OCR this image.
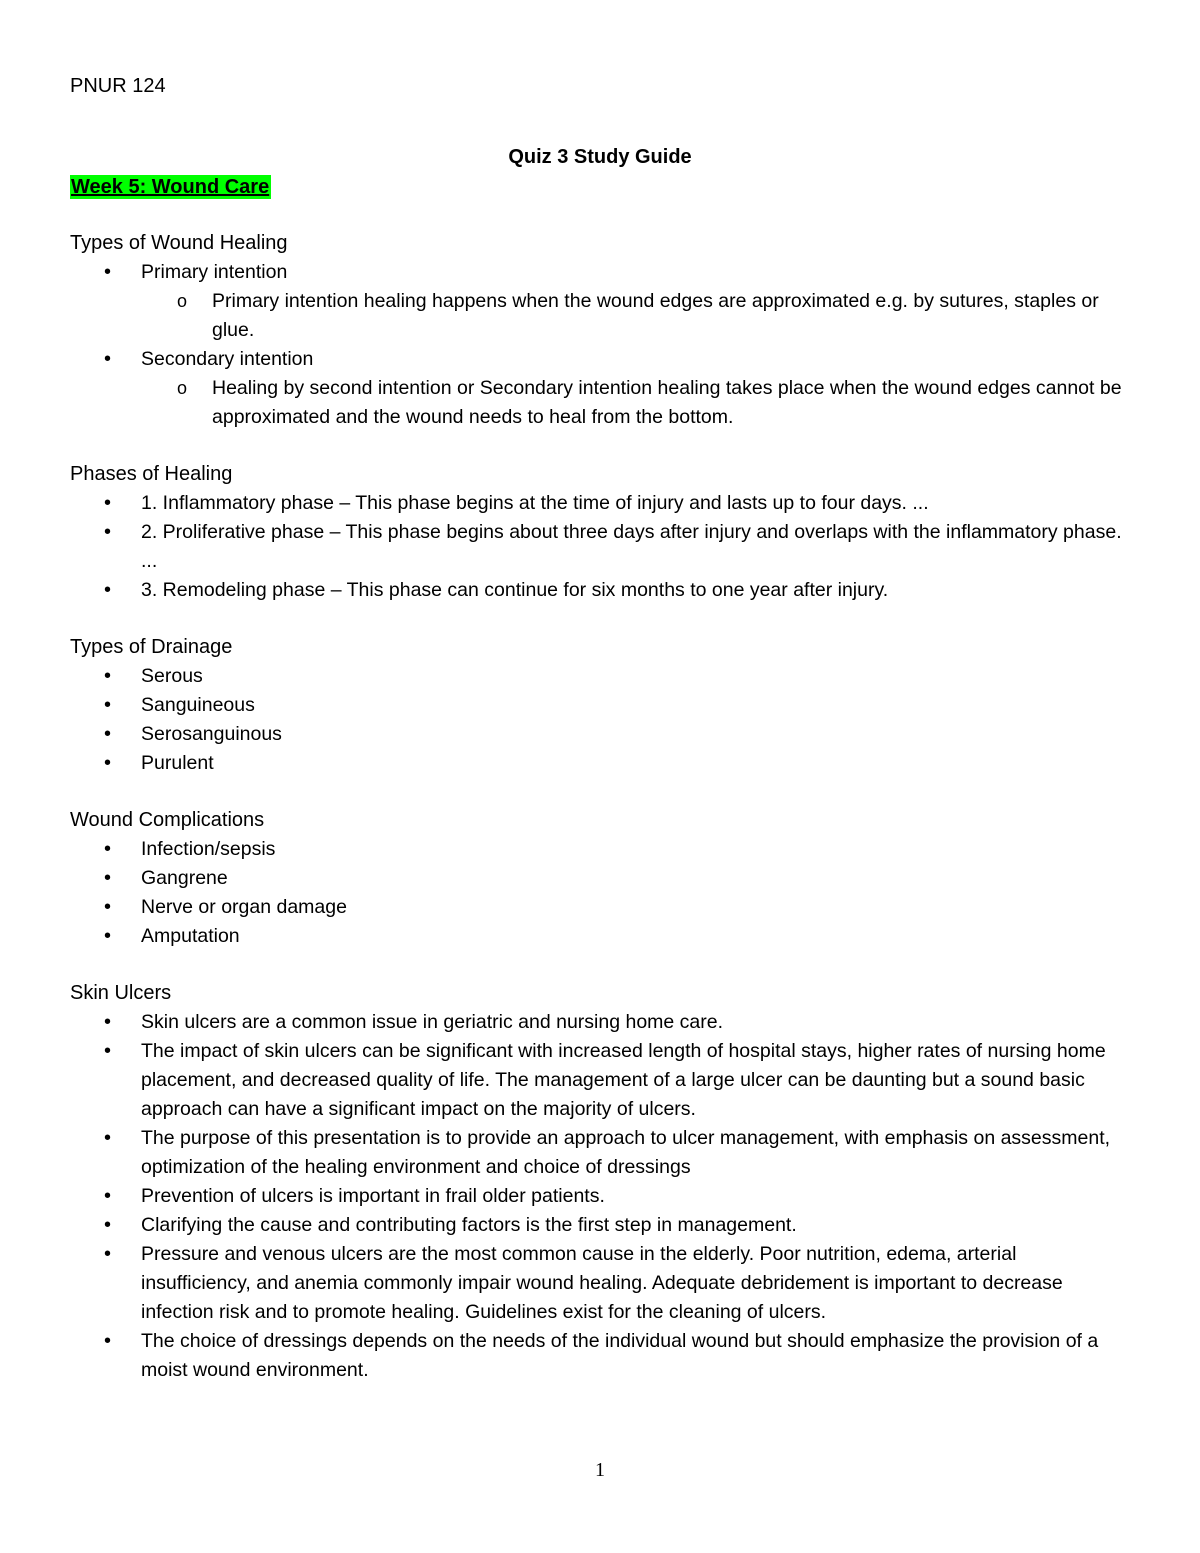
PNUR 124
Quiz 3 Study Guide
Week 5: Wound Care
Types of Wound Healing
• Primary intention
o Primary intention healing happens when the wound edges are approximated e.g. by sutures, staples or glue.
• Secondary intention
o Healing by second intention or Secondary intention healing takes place when the wound edges cannot be approximated and the wound needs to heal from the bottom.
Phases of Healing
• 1. Inflammatory phase – This phase begins at the time of injury and lasts up to four days. ...
• 2. Proliferative phase – This phase begins about three days after injury and overlaps with the inflammatory phase. ...
• 3. Remodeling phase – This phase can continue for six months to one year after injury.
Types of Drainage
• Serous
• Sanguineous
• Serosanguinous
• Purulent
Wound Complications
• Infection/sepsis
• Gangrene
• Nerve or organ damage
• Amputation
Skin Ulcers
• Skin ulcers are a common issue in geriatric and nursing home care.
• The impact of skin ulcers can be significant with increased length of hospital stays, higher rates of nursing home placement, and decreased quality of life. The management of a large ulcer can be daunting but a sound basic approach can have a significant impact on the majority of ulcers.
• The purpose of this presentation is to provide an approach to ulcer management, with emphasis on assessment, optimization of the healing environment and choice of dressings
• Prevention of ulcers is important in frail older patients.
• Clarifying the cause and contributing factors is the first step in management.
• Pressure and venous ulcers are the most common cause in the elderly. Poor nutrition, edema, arterial insufficiency, and anemia commonly impair wound healing. Adequate debridement is important to decrease infection risk and to promote healing. Guidelines exist for the cleaning of ulcers.
• The choice of dressings depends on the needs of the individual wound but should emphasize the provision of a moist wound environment.
1
